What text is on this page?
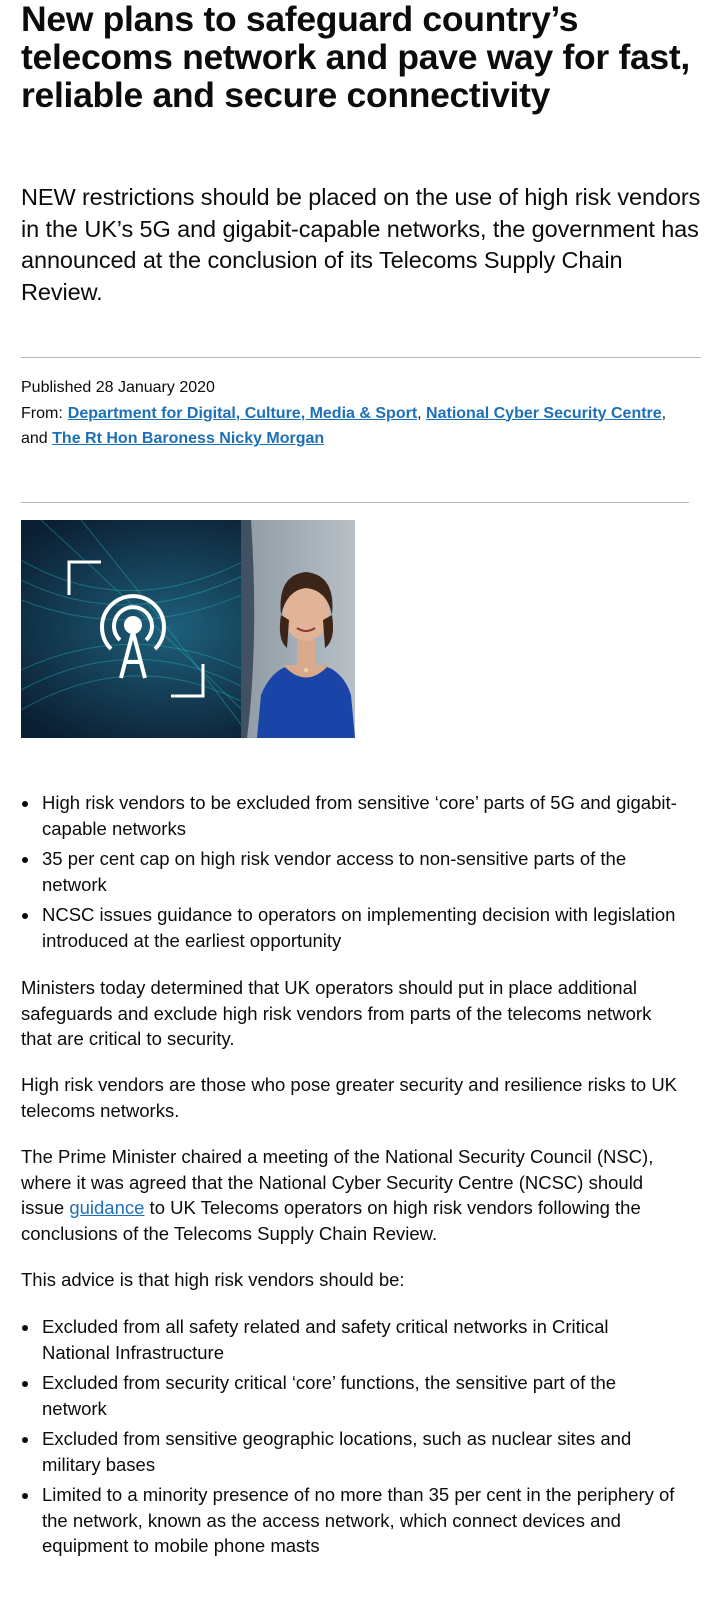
New plans to safeguard country’s telecoms network and pave way for fast, reliable and secure connectivity

NEW restrictions should be placed on the use of high risk vendors in the UK’s 5G and gigabit-capable networks, the government has announced at the conclusion of its Telecoms Supply Chain Review.

Published 28 January 2020
From: Department for Digital, Culture, Media & Sport, National Cyber Security Centre,
and The Rt Hon Baroness Nicky Morgan
High risk vendors to be excluded from sensitive ‘core’ parts of 5G and gigabit-capable networks
35 per cent cap on high risk vendor access to non-sensitive parts of the network
NCSC issues guidance to operators on implementing decision with legislation introduced at the earliest opportunity

Ministers today determined that UK operators should put in place additional safeguards and exclude high risk vendors from parts of the telecoms network that are critical to security.

High risk vendors are those who pose greater security and resilience risks to UK telecoms networks.

The Prime Minister chaired a meeting of the National Security Council (NSC), where it was agreed that the National Cyber Security Centre (NCSC) should issue guidance to UK Telecoms operators on high risk vendors following the conclusions of the Telecoms Supply Chain Review.

This advice is that high risk vendors should be:

Excluded from all safety related and safety critical networks in Critical National Infrastructure
Excluded from security critical ‘core’ functions, the sensitive part of the network
Excluded from sensitive geographic locations, such as nuclear sites and military bases
Limited to a minority presence of no more than 35 per cent in the periphery of the network, known as the access network, which connect devices and equipment to mobile phone masts
